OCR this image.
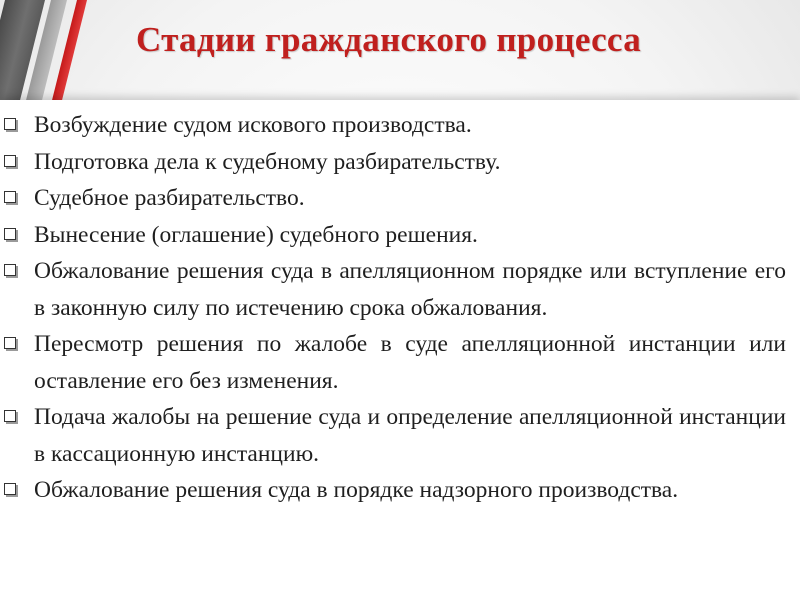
Стадии гражданского процесса
Возбуждение судом искового производства.
Подготовка дела к судебному разбирательству.
Судебное разбирательство.
Вынесение (оглашение) судебного решения.
Обжалование решения суда в апелляционном порядке или вступление его в законную силу по истечению срока обжалования.
Пересмотр решения по жалобе в суде апелляционной инстанции или оставление его без изменения.
Подача жалобы на решение суда и определение апелляционной инстанции в кассационную инстанцию.
Обжалование решения суда в порядке надзорного производства.
